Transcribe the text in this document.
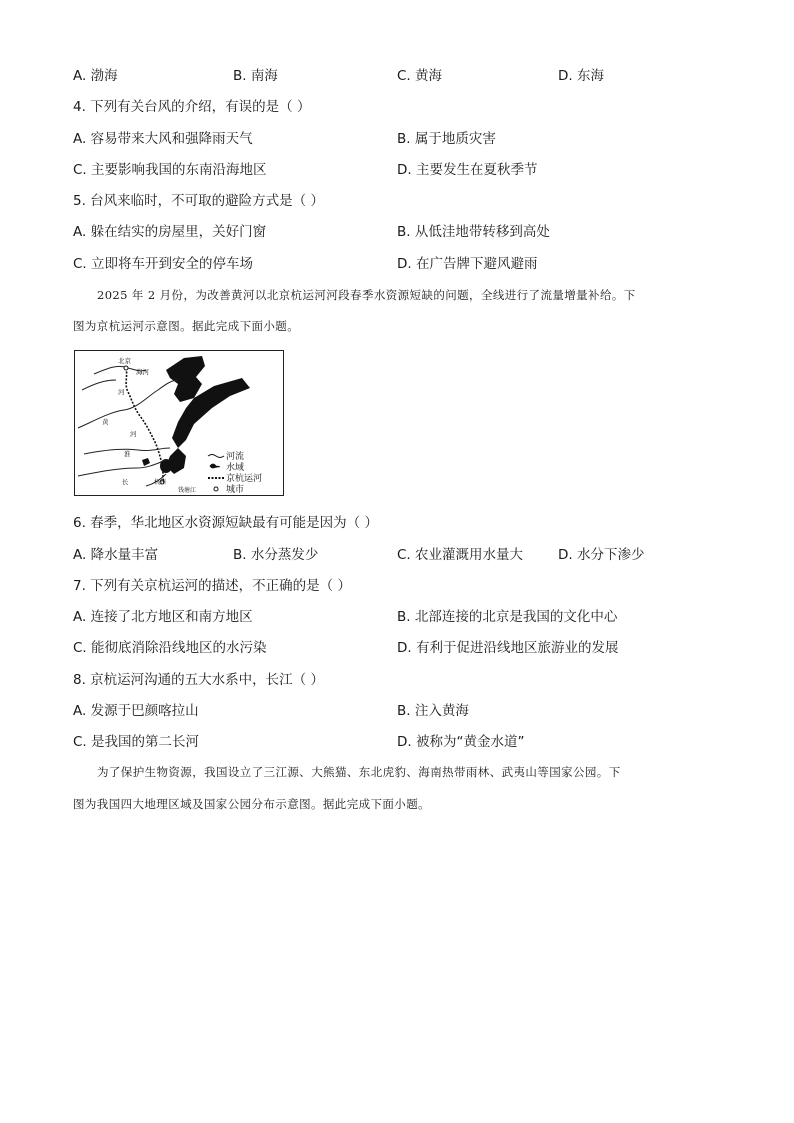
A. 渤海	B. 南海	C. 黄海	D. 东海
4. 下列有关台风的介绍，有误的是（ ）
A. 容易带来大风和强降雨天气	B. 属于地质灾害
C. 主要影响我国的东南沿海地区	D. 主要发生在夏秋季节
5. 台风来临时，不可取的避险方式是（ ）
A. 躲在结实的房屋里，关好门窗	B. 从低洼地带转移到高处
C. 立即将车开到安全的停车场	D. 在广告牌下避风避雨
2025 年 2 月份，为改善黄河以北京杭运河河段春季水资源短缺的问题，全线进行了流量增量补给。下
图为京杭运河示意图。据此完成下面小题。
北京
海河
河
黄
河
淮	江
长	杭州
钱塘江
河流
水域
京杭运河
城市
6. 春季，华北地区水资源短缺最有可能是因为（ ）
A. 降水量丰富	B. 水分蒸发少	C. 农业灌溉用水量大	D. 水分下渗少
7. 下列有关京杭运河的描述，不正确的是（ ）
A. 连接了北方地区和南方地区	B. 北部连接的北京是我国的文化中心
C. 能彻底消除沿线地区的水污染	D. 有利于促进沿线地区旅游业的发展
8. 京杭运河沟通的五大水系中，长江（ ）
A. 发源于巴颜喀拉山	B. 注入黄海
C. 是我国的第二长河	D. 被称为“黄金水道”
为了保护生物资源，我国设立了三江源、大熊猫、东北虎豹、海南热带雨林、武夷山等国家公园。下
图为我国四大地理区域及国家公园分布示意图。据此完成下面小题。
